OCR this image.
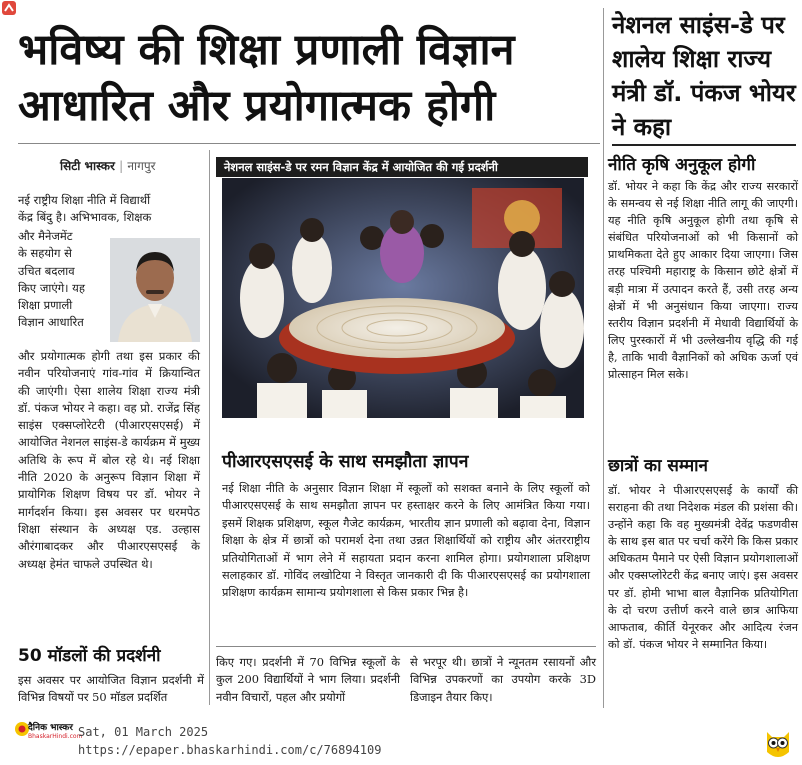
भविष्य की शिक्षा प्रणाली विज्ञान
आधारित और प्रयोगात्मक होगी
नेशनल साइंस-डे पर शालेय शिक्षा राज्य मंत्री डॉ. पंकज भोयर ने कहा
सिटी भास्कर | नागपुर

नई राष्ट्रीय शिक्षा नीति में विद्यार्थी
केंद्र बिंदु है। अभिभावक, शिक्षक

और मैनेजमेंट
के सहयोग से
उचित बदलाव
किए जाएंगे। यह
शिक्षा प्रणाली
विज्ञान आधारित

और प्रयोगात्मक होगी तथा इस प्रकार की नवीन परियोजनाएं गांव-गांव में क्रियान्वित की जाएंगी। ऐसा शालेय शिक्षा राज्य मंत्री डॉ. पंकज भोयर ने कहा। वह प्रो. राजेंद्र सिंह साइंस एक्सप्लोरेटरी (पीआरएसएसई) में आयोजित नेशनल साइंस-डे कार्यक्रम में मुख्य अतिथि के रूप में बोल रहे थे। नई शिक्षा नीति 2020 के अनुरूप विज्ञान शिक्षा में प्रायोगिक शिक्षण विषय पर डॉ. भोयर ने मार्गदर्शन किया। इस अवसर पर धरमपेठ शिक्षा संस्थान के अध्यक्ष एड. उल्हास औरंगाबादकर और पीआरएसएसई के अध्यक्ष हेमंत चाफले उपस्थित थे।

50 मॉडलों की प्रदर्शनी

इस अवसर पर आयोजित विज्ञान प्रदर्शनी में विभिन्न विषयों पर 50 मॉडल प्रदर्शित

नेशनल साइंस-डे पर रमन विज्ञान केंद्र में आयोजित की गई प्रदर्शनी
पीआरएसएसई के साथ समझौता ज्ञापन

नई शिक्षा नीति के अनुसार विज्ञान शिक्षा में स्कूलों को सशक्त बनाने के लिए स्कूलों को पीआरएसएसई के साथ समझौता ज्ञापन पर हस्ताक्षर करने के लिए आमंत्रित किया गया। इसमें शिक्षक प्रशिक्षण, स्कूल गैजेट कार्यक्रम, भारतीय ज्ञान प्रणाली को बढ़ावा देना, विज्ञान शिक्षा के क्षेत्र में छात्रों को परामर्श देना तथा उन्नत शिक्षार्थियों को राष्ट्रीय और अंतरराष्ट्रीय प्रतियोगिताओं में भाग लेने में सहायता प्रदान करना शामिल होगा। प्रयोगशाला प्रशिक्षण सलाहकार डॉ. गोविंद लखोटिया ने विस्तृत जानकारी दी कि पीआरएसएसई का प्रयोगशाला प्रशिक्षण कार्यक्रम सामान्य प्रयोगशाला से किस प्रकार भिन्न है।

किए गए। प्रदर्शनी में 70 विभिन्न स्कूलों के कुल 200 विद्यार्थियों ने भाग लिया। प्रदर्शनी नवीन विचारों, पहल और प्रयोगों

से भरपूर थी। छात्रों ने न्यूनतम रसायनों और विभिन्न उपकरणों का उपयोग करके 3D डिजाइन तैयार किए।

नीति कृषि अनुकूल होगी

डॉ. भोयर ने कहा कि केंद्र और राज्य सरकारों के समन्वय से नई शिक्षा नीति लागू की जाएगी। यह नीति कृषि अनुकूल होगी तथा कृषि से संबंधित परियोजनाओं को भी किसानों को प्राथमिकता देते हुए आकार दिया जाएगा। जिस तरह पश्चिमी महाराष्ट्र के किसान छोटे क्षेत्रों में बड़ी मात्रा में उत्पादन करते हैं, उसी तरह अन्य क्षेत्रों में भी अनुसंधान किया जाएगा। राज्य स्तरीय विज्ञान प्रदर्शनी में मेधावी विद्यार्थियों के लिए पुरस्कारों में भी उल्लेखनीय वृद्धि की गई है, ताकि भावी वैज्ञानिकों को अधिक ऊर्जा एवं प्रोत्साहन मिल सके।

छात्रों का सम्मान

डॉ. भोयर ने पीआरएसएसई के कार्यों की सराहना की तथा निदेशक मंडल की प्रशंसा की। उन्होंने कहा कि वह मुख्यमंत्री देवेंद्र फडणवीस के साथ इस बात पर चर्चा करेंगे कि किस प्रकार अधिकतम पैमाने पर ऐसी विज्ञान प्रयोगशालाओं और एक्सप्लोरेटरी केंद्र बनाए जाएं। इस अवसर पर डॉ. होमी भाभा बाल वैज्ञानिक प्रतियोगिता के दो चरण उत्तीर्ण करने वाले छात्र आफिया आफताब, कीर्ति येनूरकर और आदित्य रंजन को डॉ. पंकज भोयर ने सम्मानित किया।

दैनिक भास्कर
BhaskarHindi.com
Sat, 01 March 2025
https://epaper.bhaskarhindi.com/c/76894109
